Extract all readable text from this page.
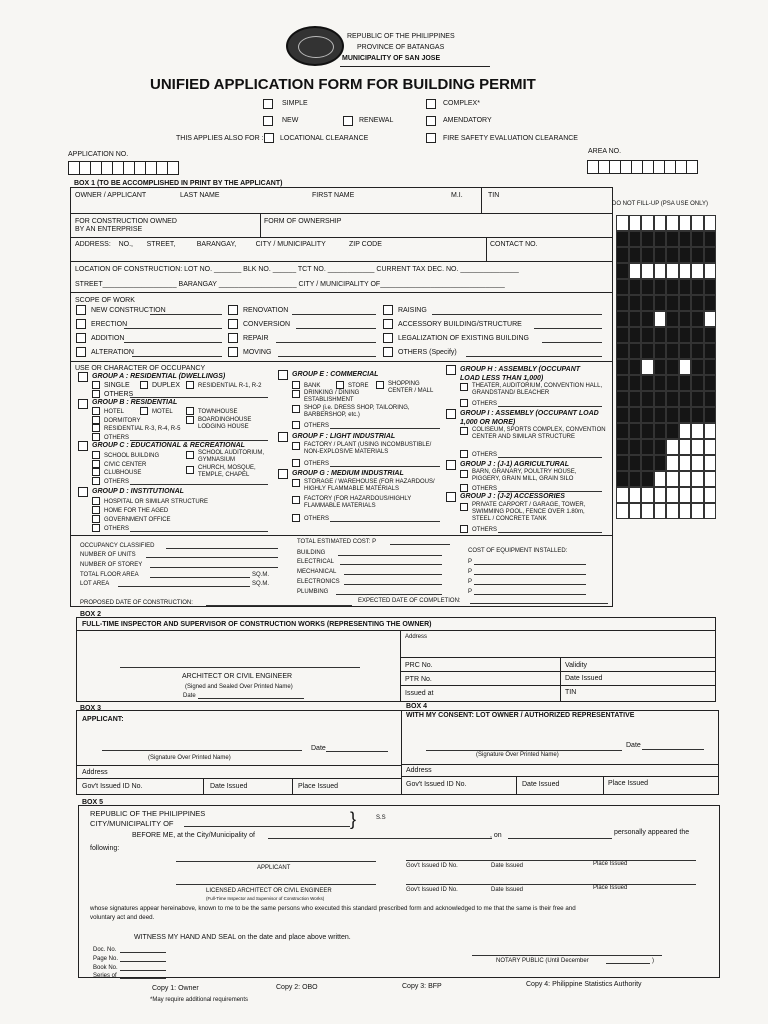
REPUBLIC OF THE PHILIPPINES
PROVINCE OF BATANGAS
MUNICIPALITY OF SAN JOSE
UNIFIED APPLICATION FORM FOR BUILDING PERMIT
SIMPLE	COMPLEX*
NEW	RENEWAL	AMENDATORY
THIS APPLIES ALSO FOR : LOCATIONAL CLEARANCE	FIRE SAFETY EVALUATION CLEARANCE
APPLICATION NO.	AREA NO.
BOX 1 (TO BE ACCOMPLISHED IN PRINT BY THE APPLICANT)
OWNER / APPLICANT	LAST NAME	FIRST NAME	M.I.	TIN
DO NOT FILL-UP (PSA USE ONLY)
FOR CONSTRUCTION OWNED
BY AN ENTERPRISE
FORM OF OWNERSHIP
ADDRESS:    NO.,       STREET,           BARANGAY,          CITY / MUNICIPALITY            ZIP CODE	CONTACT NO.
LOCATION OF CONSTRUCTION: LOT NO. _______ BLK NO. ______ TCT NO. ____________ CURRENT TAX DEC. NO. _______________
STREET___________________ BARANGAY ____________________ CITY / MUNICIPALITY OF________________________________
SCOPE OF WORK
NEW CONSTRUCTION
ERECTION
ADDITION
ALTERATION
RENOVATION
CONVERSION
REPAIR
MOVING
RAISING
ACCESSORY BUILDING/STRUCTURE
LEGALIZATION OF EXISTING BUILDING
OTHERS (Specify)
USE OR CHARACTER OF OCCUPANCY
GROUP A : RESIDENTIAL (DWELLINGS)
SINGLE	DUPLEX	RESIDENTIAL R-1, R-2
OTHERS
GROUP B : RESIDENTIAL
HOTEL	MOTEL	TOWNHOUSE
DORMITORY	BOARDINGHOUSE
LODGING HOUSE
RESIDENTIAL R-3, R-4, R-5
OTHERS
GROUP C : EDUCATIONAL & RECREATIONAL
SCHOOL BUILDING	SCHOOL AUDITORIUM, GYMNASIUM
CIVIC CENTER
CLUBHOUSE
CHURCH, MOSQUE, TEMPLE, CHAPEL
OTHERS
GROUP D : INSTITUTIONAL
HOSPITAL OR SIMILAR STRUCTURE
HOME FOR THE AGED
GOVERNMENT OFFICE
OTHERS
GROUP E : COMMERCIAL
BANK	STORE	SHOPPING CENTER / MALL
DRINKING / DINING ESTABLISHMENT
SHOP (i.e. DRESS SHOP, TAILORING, BARBERSHOP, etc.)
OTHERS
GROUP F : LIGHT INDUSTRIAL
FACTORY / PLANT (USING INCOMBUSTIBLE/ NON-EXPLOSIVE MATERIALS
OTHERS
GROUP G : MEDIUM INDUSTRIAL
STORAGE / WAREHOUSE (FOR HAZARDOUS/ HIGHLY FLAMMABLE MATERIALS
FACTORY (FOR HAZARDOUS/HIGHLY FLAMMABLE MATERIALS
OTHERS
GROUP H : ASSEMBLY (OCCUPANT LOAD LESS THAN 1,000)
THEATER, AUDITORIUM, CONVENTION HALL, GRANDSTAND/ BLEACHER
OTHERS
GROUP I : ASSEMBLY (OCCUPANT LOAD 1,000 OR MORE)
COLISEUM, SPORTS COMPLEX, CONVENTION CENTER AND SIMILAR STRUCTURE
OTHERS
GROUP J : (J-1) AGRICULTURAL
BARN, GRANARY, POULTRY HOUSE, PIGGERY, GRAIN MILL, GRAIN SILO
OTHERS
GROUP J : (J-2) ACCESSORIES
PRIVATE CARPORT / GARAGE, TOWER, SWIMMING POOL, FENCE OVER 1.80m, STEEL / CONCRETE TANK
OTHERS
OCCUPANCY CLASSIFIED
NUMBER OF UNITS
NUMBER OF STOREY
TOTAL FLOOR AREA	SQ.M.
LOT AREA	SQ.M.
TOTAL ESTIMATED COST: P
BUILDING
ELECTRICAL
MECHANICAL
ELECTRONICS
PLUMBING
COST OF EQUIPMENT INSTALLED:
P
P
P
P
PROPOSED DATE OF CONSTRUCTION:	EXPECTED DATE OF COMPLETION:
BOX 2
FULL-TIME INSPECTOR AND SUPERVISOR OF CONSTRUCTION WORKS (REPRESENTING THE OWNER)
Address
ARCHITECT OR CIVIL ENGINEER
(Signed and Sealed Over Printed Name)
Date
PRC No.	Validity
PTR No.	Date Issued
Issued at	TIN
BOX 3	BOX 4
APPLICANT:
(Signature Over Printed Name)
Date
Address
Gov't Issued ID No.	Date Issued	Place Issued
WITH MY CONSENT: LOT OWNER / AUTHORIZED REPRESENTATIVE
(Signature Over Printed Name)
Date
Address
Gov't Issued ID No.	Date Issued	Place Issued
BOX 5
REPUBLIC OF THE PHILIPPINES
CITY/MUNICIPALITY OF	}	S.S
BEFORE ME, at the City/Municipality of	, on	personally appeared the
following:
APPLICANT	Gov't Issued ID No.	Date Issued	Place Issued
LICENSED ARCHITECT OR CIVIL ENGINEER
(Full-Time Inspector and Supervisor of Construction Works)
Gov't Issued ID No.	Date Issued	Place Issued
whose signatures appear hereinabove, known to me to be the same persons who executed this standard prescribed form and acknowledged to me that the same is their free and
voluntary act and deed.
WITNESS MY HAND AND SEAL on the date and place above written.
Doc. No.
Page No.
Book No.
Series of
NOTARY PUBLIC (Until December	)
Copy 1: Owner	Copy 2: OBO	Copy 3: BFP	Copy 4: Philippine Statistics Authority
*May require additional requirements
